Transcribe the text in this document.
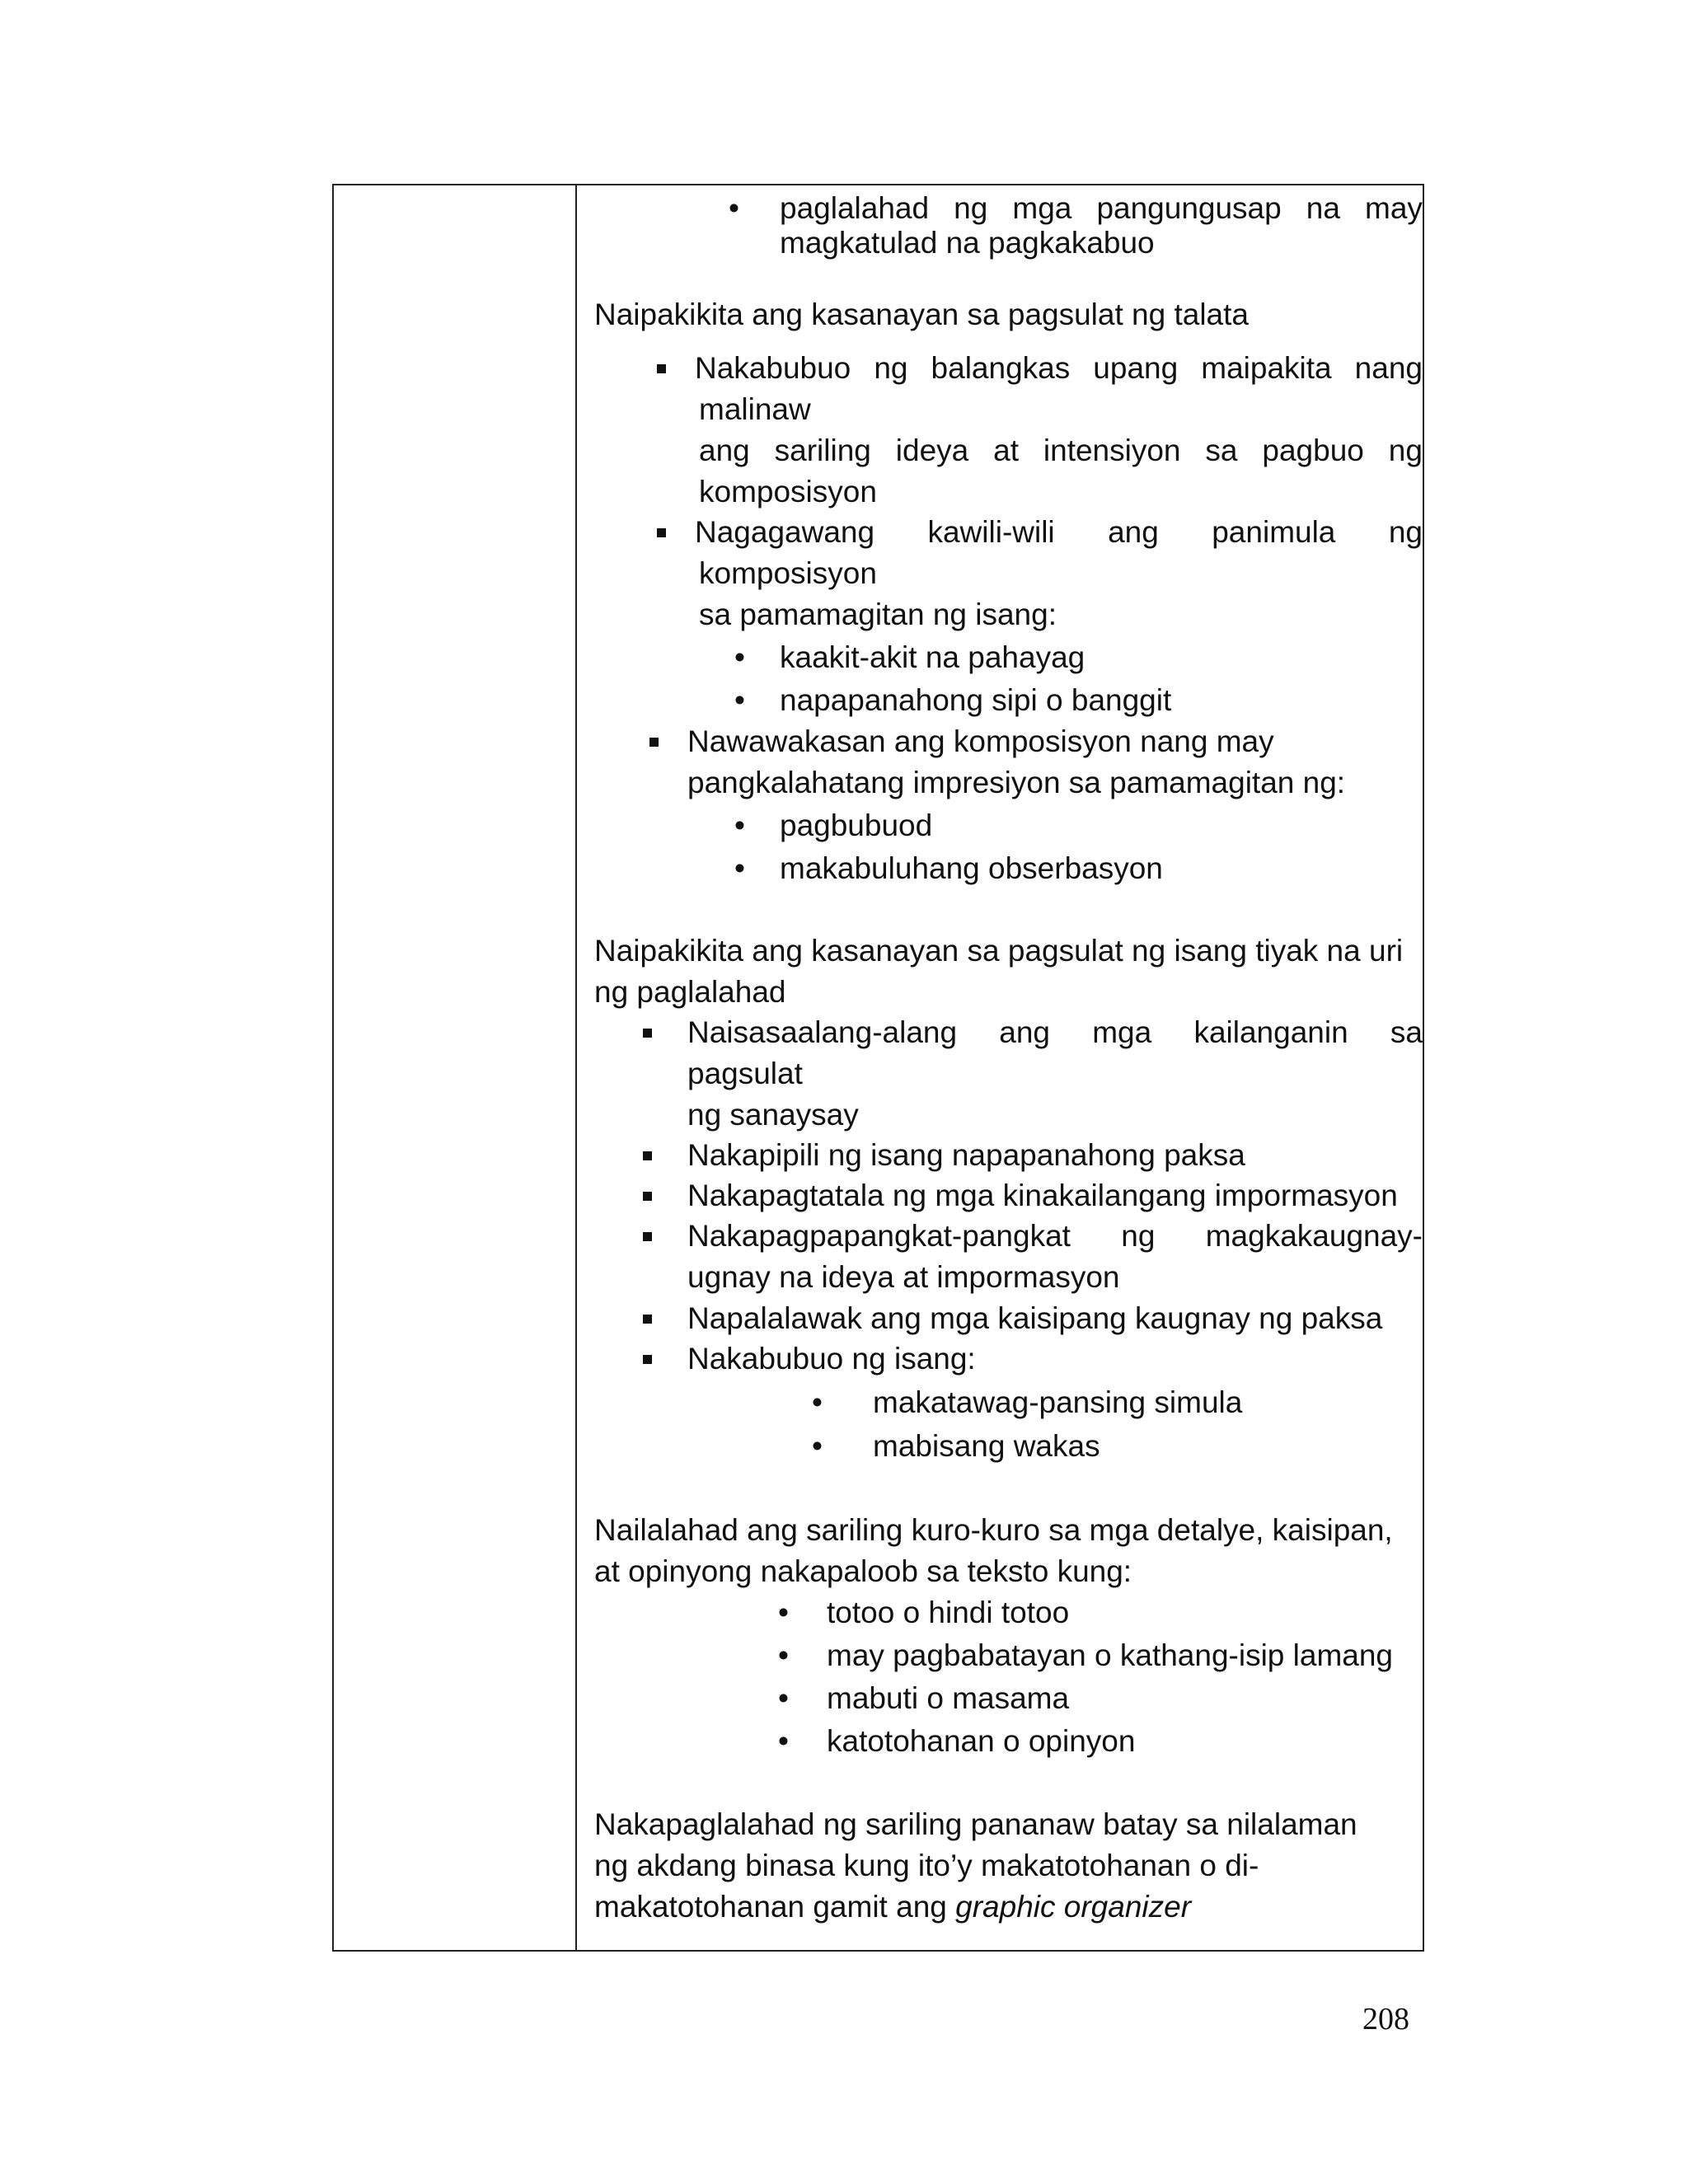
• paglalahad ng mga pangungusap na may
magkatulad na pagkakabuo
Naipakikita ang kasanayan sa pagsulat ng talata
Nakabubuo ng balangkas upang maipakita nang
malinaw
ang sariling ideya at intensiyon sa pagbuo ng
komposisyon
Nagagawang kawili-wili ang panimula ng
komposisyon
sa pamamagitan ng isang:
• kaakit-akit na pahayag
• napapanahong sipi o banggit
Nawawakasan ang komposisyon nang may
pangkalahatang impresiyon sa pamamagitan ng:
• pagbubuod
• makabuluhang obserbasyon
Naipakikita ang kasanayan sa pagsulat ng isang tiyak na uri
ng paglalahad
Naisasaalang-alang ang mga kailanganin sa
pagsulat
ng sanaysay
Nakapipili ng isang napapanahong paksa
Nakapagtatala ng mga kinakailangang impormasyon
Nakapagpapangkat-pangkat ng magkakaugnay-
ugnay na ideya at impormasyon
Napalalawak ang mga kaisipang kaugnay ng paksa
Nakabubuo ng isang:
• makatawag-pansing simula
• mabisang wakas
Nailalahad ang sariling kuro-kuro sa mga detalye, kaisipan,
at opinyong nakapaloob sa teksto kung:
• totoo o hindi totoo
• may pagbabatayan o kathang-isip lamang
• mabuti o masama
• katotohanan o opinyon
Nakapaglalahad ng sariling pananaw batay sa nilalaman
ng akdang binasa kung ito’y makatotohanan o di-
makatotohanan gamit ang graphic organizer
208
